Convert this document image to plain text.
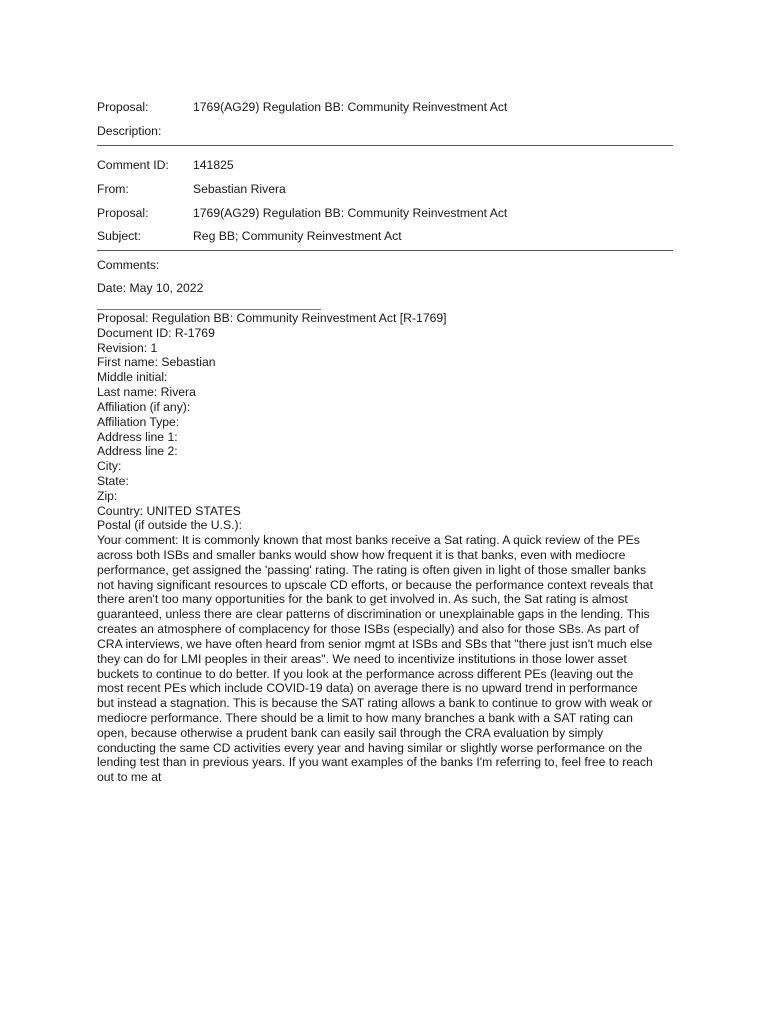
Proposal:	1769(AG29) Regulation BB: Community Reinvestment Act
Description:
Comment ID: 141825
From:	Sebastian Rivera
Proposal:	1769(AG29) Regulation BB: Community Reinvestment Act
Subject:	Reg BB; Community Reinvestment Act
Comments:
Date: May 10, 2022
Proposal: Regulation BB: Community Reinvestment Act [R-1769]
Document ID: R-1769
Revision: 1
First name: Sebastian
Middle initial:
Last name: Rivera
Affiliation (if any):
Affiliation Type:
Address line 1:
Address line 2:
City:
State:
Zip:
Country: UNITED STATES
Postal (if outside the U.S.):
Your comment: It is commonly known that most banks receive a Sat rating. A quick review of the PEs
across both ISBs and smaller banks would show how frequent it is that banks, even with mediocre
performance, get assigned the 'passing' rating. The rating is often given in light of those smaller banks
not having significant resources to upscale CD efforts, or because the performance context reveals that
there aren't too many opportunities for the bank to get involved in. As such, the Sat rating is almost
guaranteed, unless there are clear patterns of discrimination or unexplainable gaps in the lending. This
creates an atmosphere of complacency for those ISBs (especially) and also for those SBs. As part of
CRA interviews, we have often heard from senior mgmt at ISBs and SBs that "there just isn't much else
they can do for LMI peoples in their areas". We need to incentivize institutions in those lower asset
buckets to continue to do better. If you look at the performance across different PEs (leaving out the
most recent PEs which include COVID-19 data) on average there is no upward trend in performance
but instead a stagnation. This is because the SAT rating allows a bank to continue to grow with weak or
mediocre performance. There should be a limit to how many branches a bank with a SAT rating can
open, because otherwise a prudent bank can easily sail through the CRA evaluation by simply
conducting the same CD activities every year and having similar or slightly worse performance on the
lending test than in previous years. If you want examples of the banks I'm referring to, feel free to reach
out to me at
